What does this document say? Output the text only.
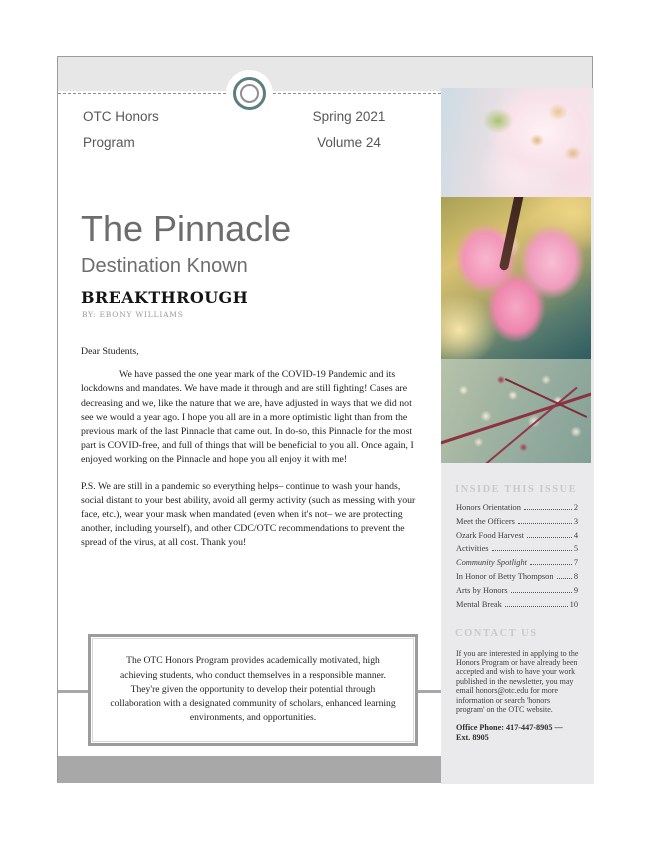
OTC Honors
Program
Spring 2021
Volume 24
The Pinnacle
Destination Known
BREAKTHROUGH
BY: EBONY WILLIAMS

Dear Students,

We have passed the one year mark of the COVID-19 Pandemic and its lockdowns and mandates. We have made it through and are still fighting! Cases are decreasing and we, like the nature that we are, have adjusted in ways that we did not see we would a year ago. I hope you all are in a more optimistic light than from the previous mark of the last Pinnacle that came out. In do-so, this Pinnacle for the most part is COVID-free, and full of things that will be beneficial to you all. Once again, I enjoyed working on the Pinnacle and hope you all enjoy it with me!

P.S. We are still in a pandemic so everything helps– continue to wash your hands, social distant to your best ability, avoid all germy activity (such as messing with your face, etc.), wear your mask when mandated (even when it's not– we are protecting another, including yourself), and other CDC/OTC recommendations to prevent the spread of the virus, at all cost. Thank you!

INSIDE THIS ISSUE
Honors Orientation	2
Meet the Officers	3
Ozark Food Harvest	4
Activities	5
Community Spotlight	7
In Honor of Betty Thompson 8
Arts by Honors	9
Mental Break	10
CONTACT US
If you are interested in applying to the Honors Program or have already been accepted and wish to have your work published in the newsletter, you may email honors@otc.edu for more information or search 'honors program' on the OTC website.
Office Phone: 417-447-8905 — Ext. 8905

The OTC Honors Program provides academically motivated, high achieving students, who conduct themselves in a responsible manner. They're given the opportunity to develop their potential through collaboration with a designated community of scholars, enhanced learning environments, and opportunities.
